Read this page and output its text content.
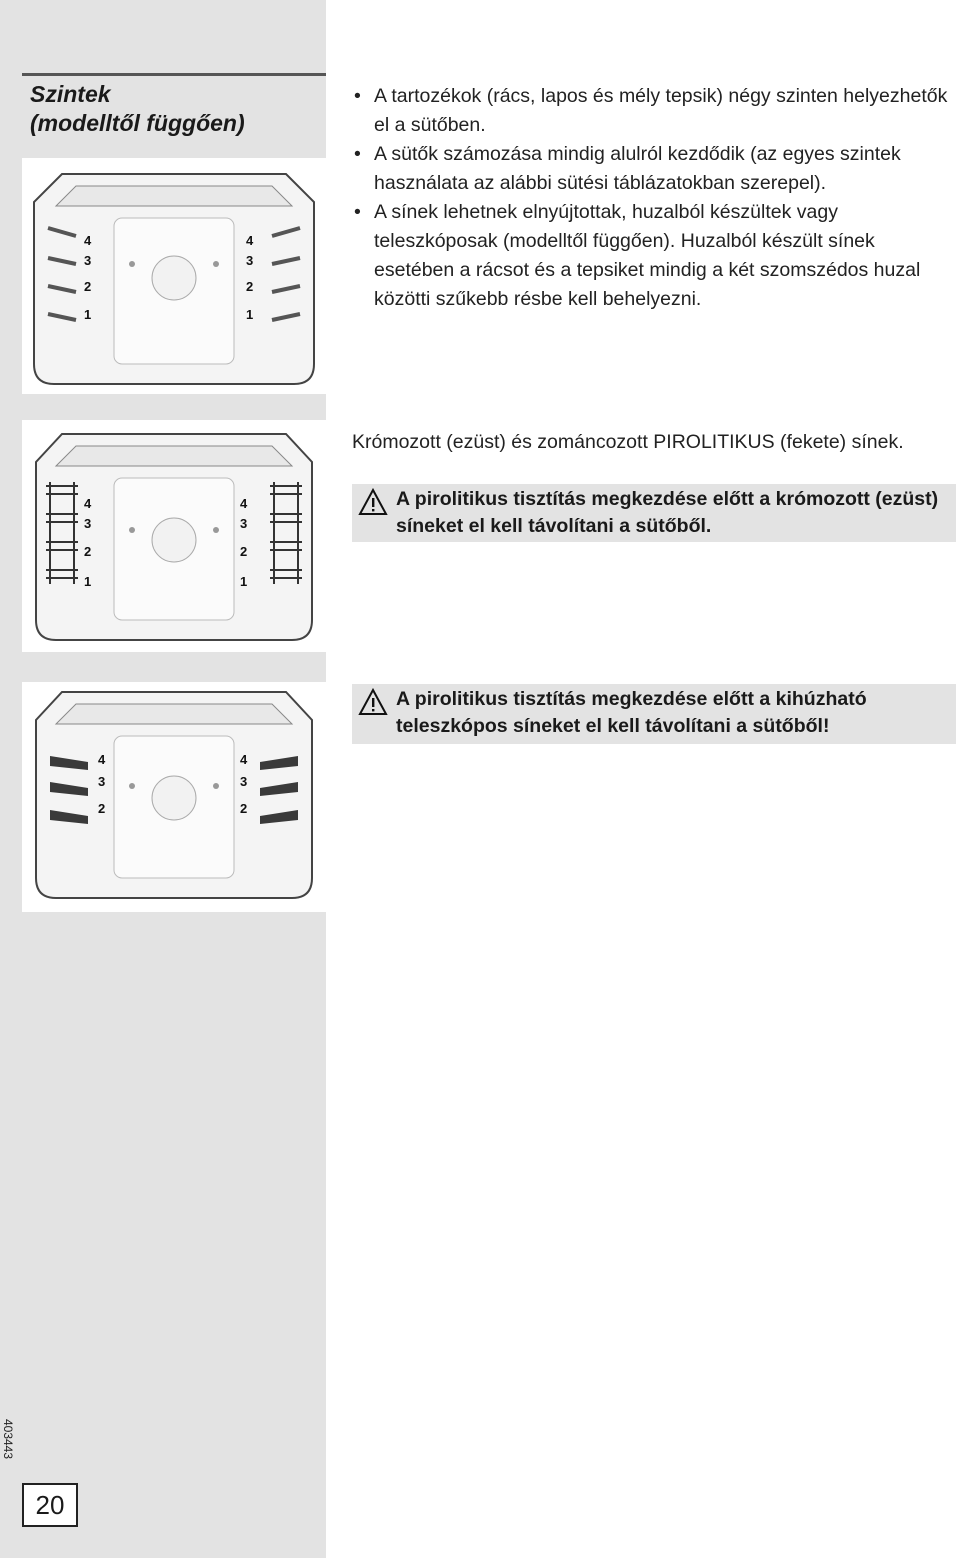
Szintek
(modelltől függően)
4
3
2
1
4
3
2
1
4
3
2
1
4
3
2
1
4
3
2
4
3
2
• A tartozékok (rács, lapos és mély tepsik) négy szinten helyezhetők el a sütőben.
• A sütők számozása mindig alulról kezdődik (az egyes szintek használata az alábbi sütési táblázatokban szerepel).
• A sínek lehetnek elnyújtottak, huzalból készültek vagy teleszkóposak (modelltől függően). Huzalból készült sínek esetében a rácsot és a tepsiket mindig a két szomszédos huzal közötti szűkebb résbe kell behelyezni.
Krómozott (ezüst) és zománcozott PIROLITIKUS (fekete) sínek.
A pirolitikus tisztítás megkezdése előtt a krómozott (ezüst) síneket el kell távolítani a sütőből.
A pirolitikus tisztítás megkezdése előtt a kihúzható teleszkópos síneket el kell távolítani a sütőből!
403443
20
